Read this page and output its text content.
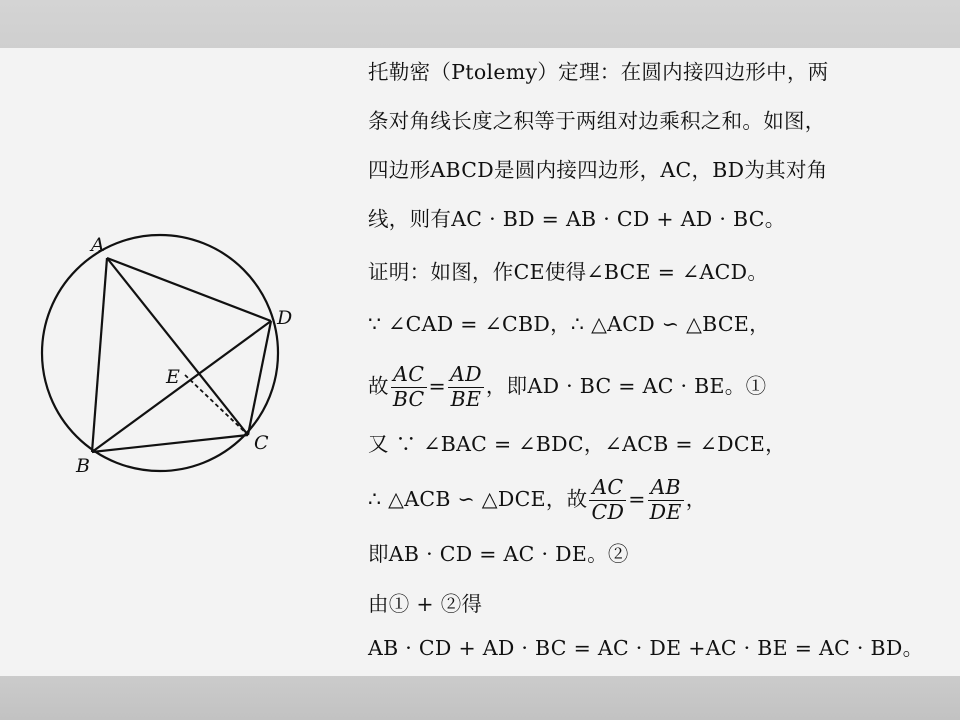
A
B
C
D
E
托勒密（Ptolemy）定理：在圆内接四边形中，两
条对角线长度之积等于两组对边乘积之和。如图，
四边形ABCD是圆内接四边形，AC，BD为其对角
线，则有AC · BD = AB · CD + AD · BC。
证明：如图，作CE使得∠BCE = ∠ACD。
∵ ∠CAD = ∠CBD，∴ △ACD ∽ △BCE，
故 $\frac{AC}{BC} = \frac{AD}{BE}$ ，即AD · BC = AC · BE。①
又 ∵ ∠BAC = ∠BDC，∠ACB = ∠DCE，
∴ △ACB ∽ △DCE，故 $\frac{AC}{CD} = \frac{AB}{DE}$ ，
即AB · CD = AC · DE。②
由① + ②得
AB · CD + AD · BC = AC · DE +AC · BE = AC · BD。
